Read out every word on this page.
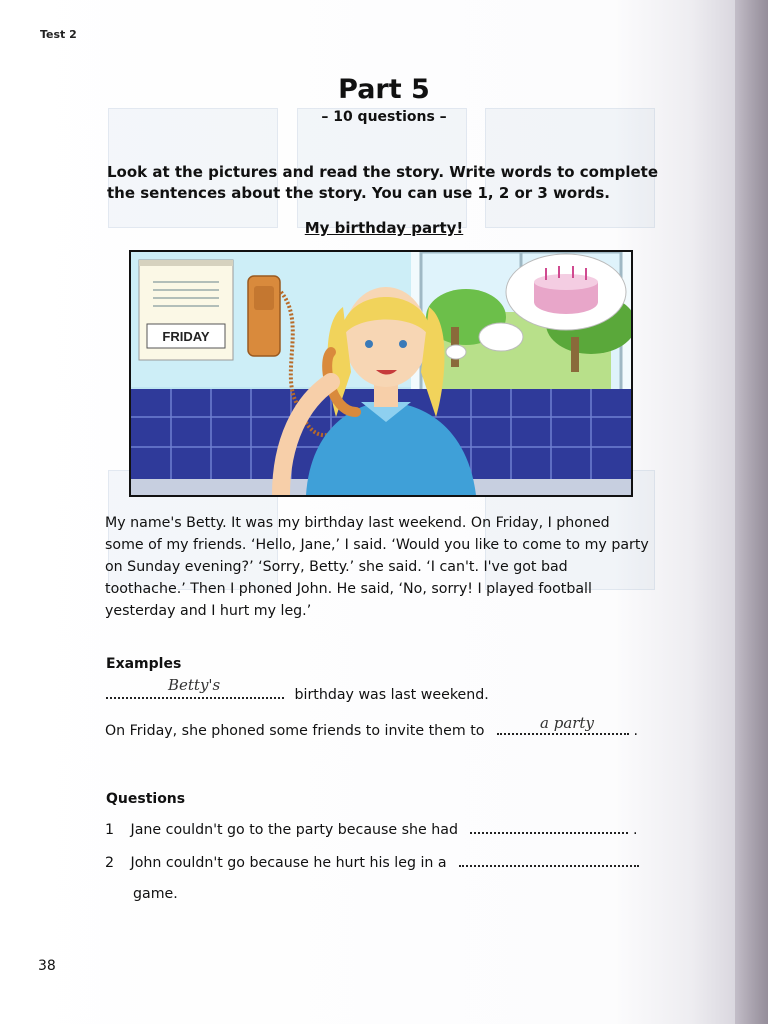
Test 2
Part 5
– 10 questions –
Look at the pictures and read the story. Write words to complete the sentences about the story. You can use 1, 2 or 3 words.
My birthday party!
FRIDAY
My name's Betty. It was my birthday last weekend. On Friday, I phoned some of my friends. ‘Hello, Jane,’ I said. ‘Would you like to come to my party on Sunday evening?’ ‘Sorry, Betty.’ she said. ‘I can't. I've got bad toothache.’ Then I phoned John. He said, ‘No, sorry! I played football yesterday and I hurt my leg.’
Examples
birthday was last weekend.
Betty's
On Friday, she phoned some friends to invite them to	.
a party
Questions
1 Jane couldn't go to the party because she had	.
2 John couldn't go because he hurt his leg in a
game.
38
